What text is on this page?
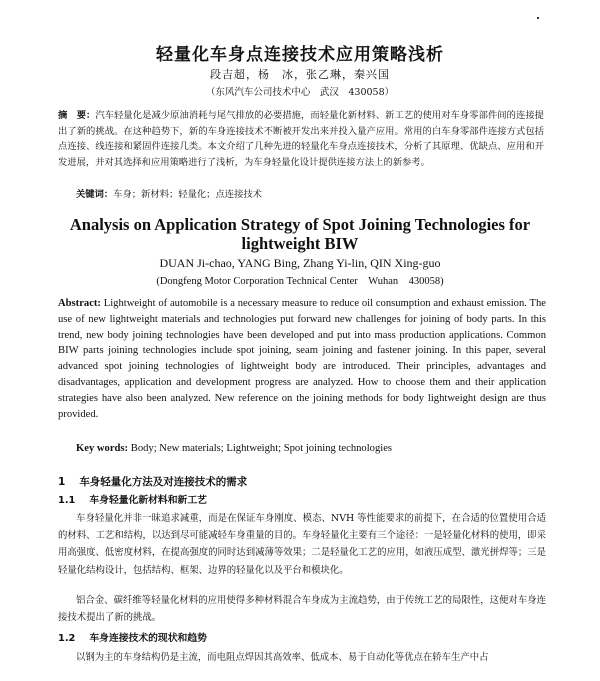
轻量化车身点连接技术应用策略浅析
段吉超，杨　冰，张乙琳，秦兴国
（东风汽车公司技术中心　武汉　430058）
摘　要：汽车轻量化是减少原油消耗与尾气排放的必要措施，而轻量化新材料、新工艺的使用对车身零部件间的连接提出了新的挑战。在这种趋势下，新的车身连接技术不断被开发出来并投入量产应用。常用的白车身零部件连接方式包括点连接、线连接和紧固件连接几类。本文介绍了几种先进的轻量化车身点连接技术，分析了其原理、优缺点、应用和开发进展，并对其选择和应用策略进行了浅析，为车身轻量化设计提供连接方法上的新参考。
关键词：车身；新材料；轻量化；点连接技术
Analysis on Application Strategy of Spot Joining Technologies for lightweight BIW
DUAN Ji-chao, YANG Bing, Zhang Yi-lin, QIN Xing-guo
(Dongfeng Motor Corporation Technical Center　Wuhan　430058)
Abstract: Lightweight of automobile is a necessary measure to reduce oil consumption and exhaust emission. The use of new lightweight materials and technologies put forward new challenges for joining of body parts. In this trend, new body joining technologies have been developed and put into mass production applications. Common BIW parts joining technologies include spot joining, seam joining and fastener joining. In this paper, several advanced spot joining technologies of lightweight body are introduced. Their principles, advantages and disadvantages, application and development progress are analyzed. How to choose them and their application strategies have also been analyzed. New reference on the joining methods for body lightweight design are thus provided.
Key words: Body; New materials; Lightweight; Spot joining technologies
1 车身轻量化方法及对连接技术的需求
1.1 车身轻量化新材料和新工艺

车身轻量化并非一昧追求减重，而是在保证车身刚度、模态、NVH 等性能要求的前提下，在合适的位置使用合适的材料、工艺和结构，以达到尽可能减轻车身重量的目的。车身轻量化主要有三个途径：一是轻量化材料的使用，即采用高强度、低密度材料，在提高强度的同时达到减薄等效果；二是轻量化工艺的应用，如液压成型、激光拼焊等；三是轻量化结构设计，包括结构、框架、边界的轻量化以及平台和模块化。

铝合金、碳纤维等轻量化材料的应用使得多种材料混合车身成为主流趋势，由于传统工艺的局限性，这便对车身连接技术提出了新的挑战。

1.2 车身连接技术的现状和趋势

以钢为主的车身结构仍是主流，而电阻点焊因其高效率、低成本、易于自动化等优点在轿车生产中占
